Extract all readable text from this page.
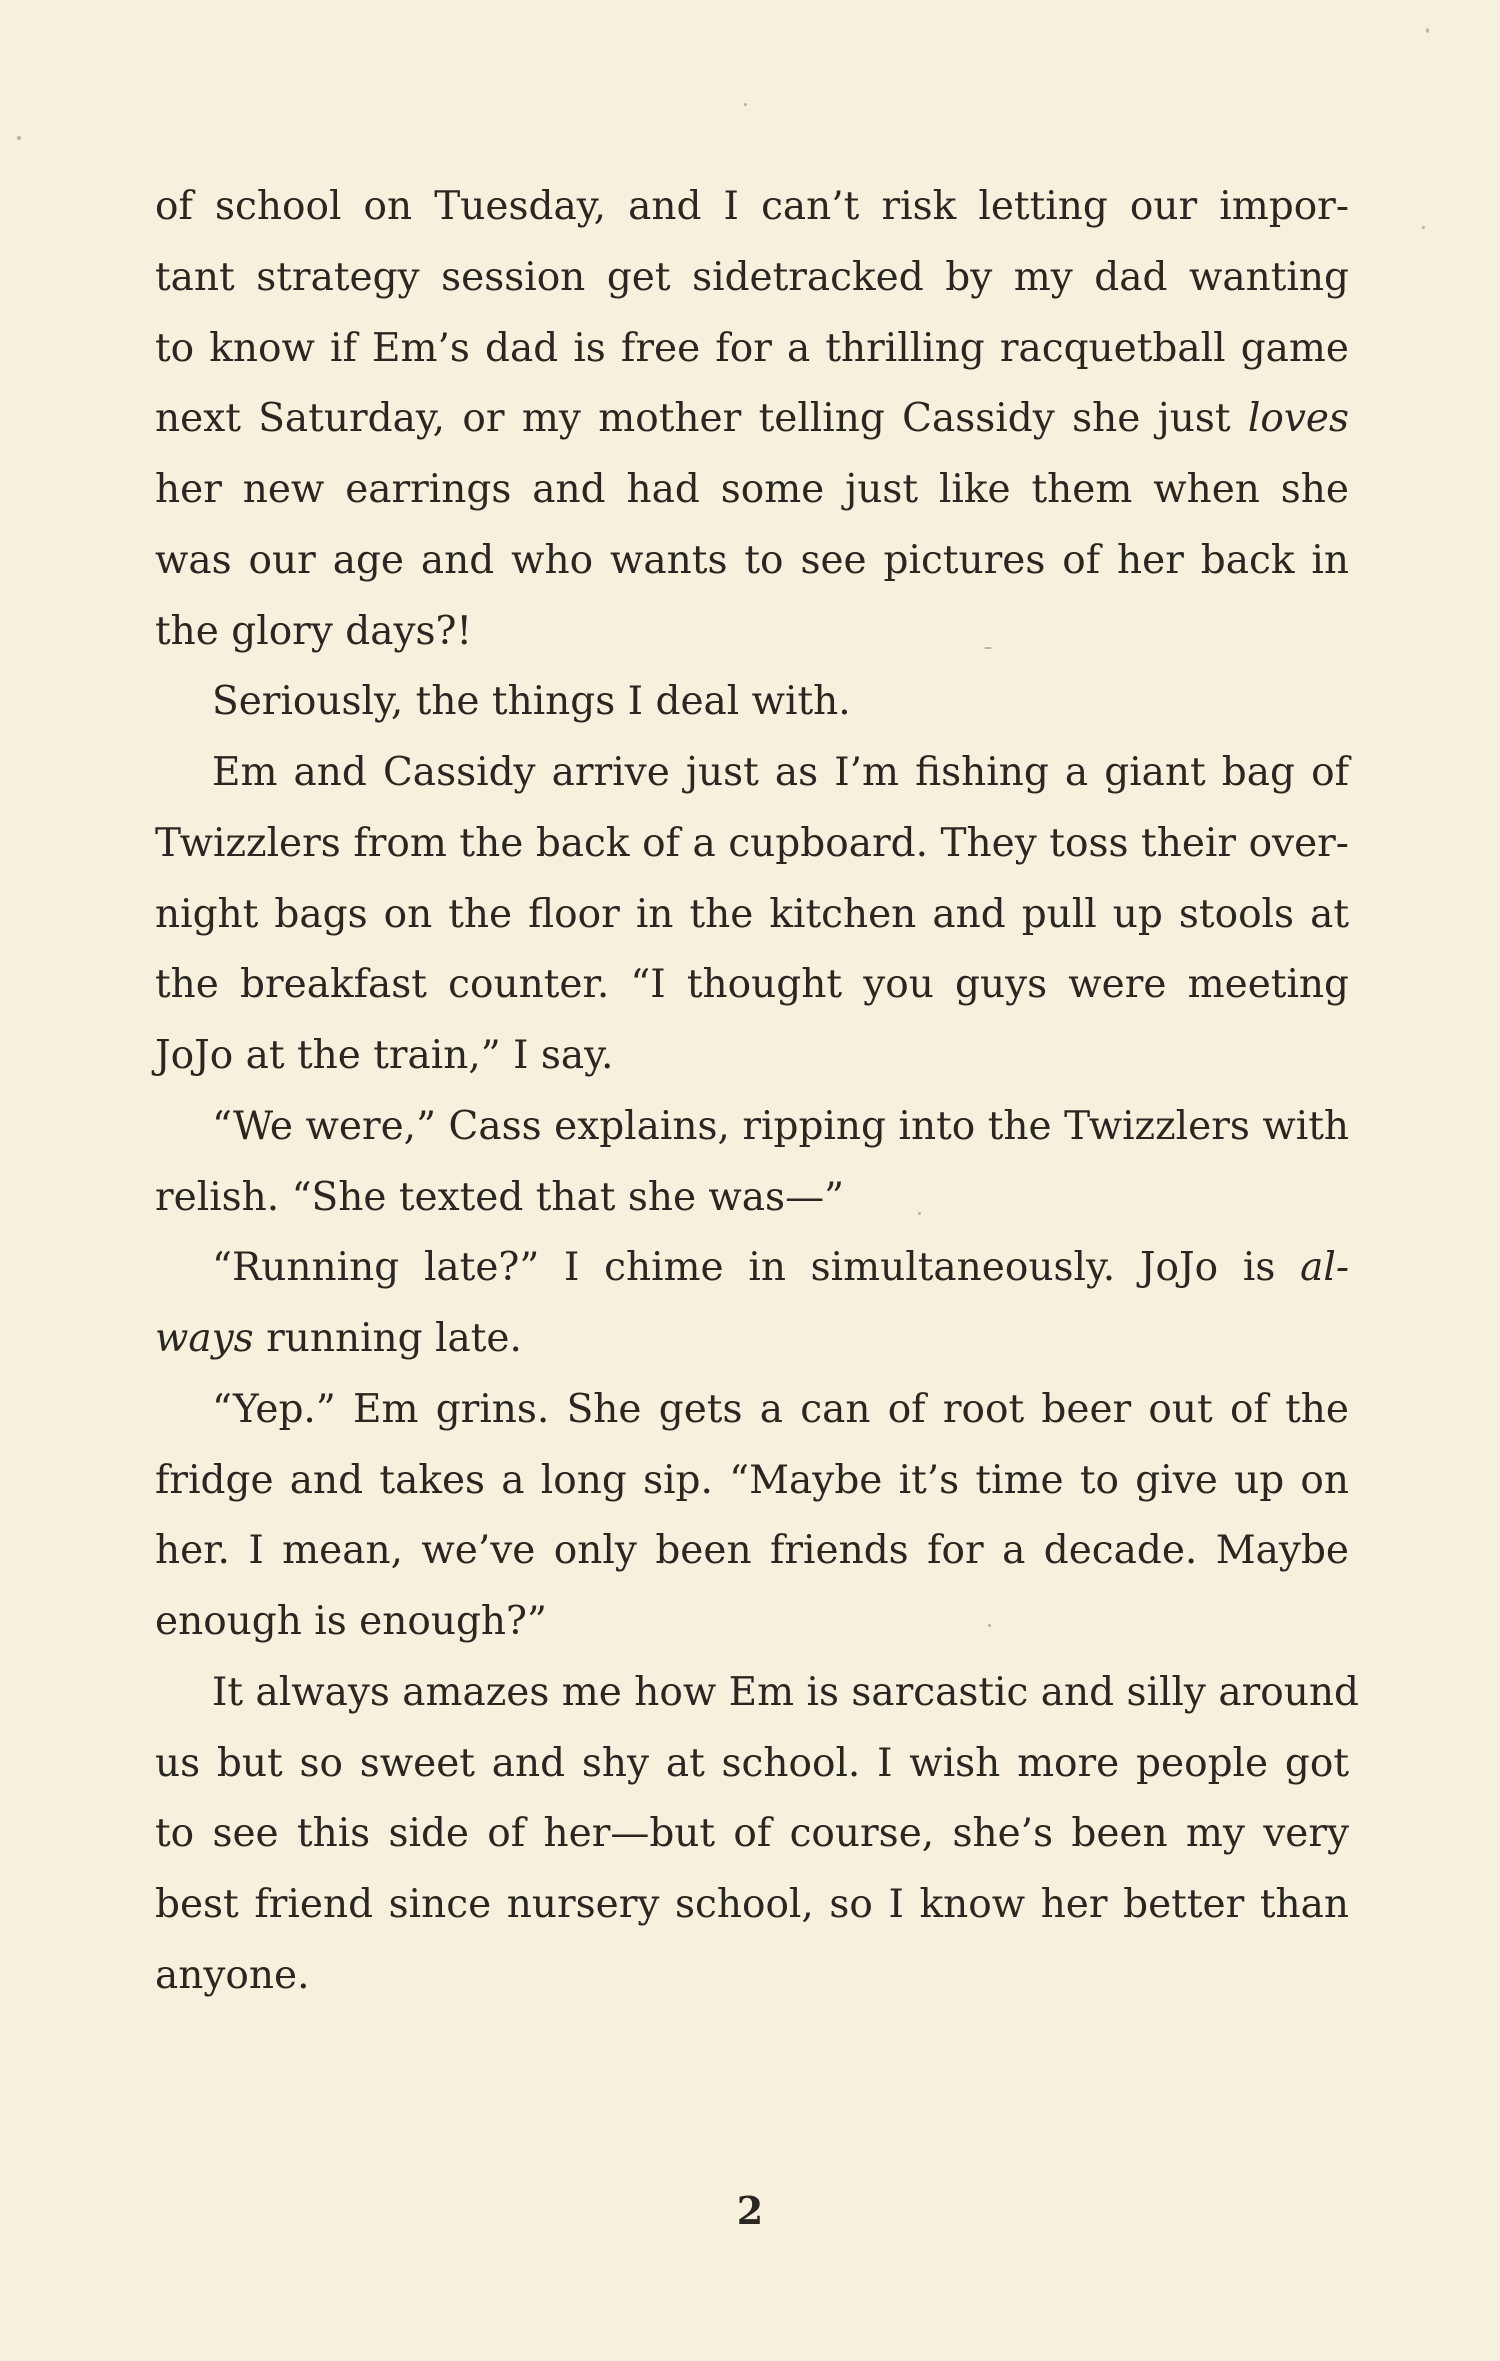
of school on Tuesday, and I can’t risk letting our impor-
tant strategy session get sidetracked by my dad wanting
to know if Em’s dad is free for a thrilling racquetball game
next Saturday, or my mother telling Cassidy she just loves
her new earrings and had some just like them when she
was our age and who wants to see pictures of her back in
the glory days?!
Seriously, the things I deal with.
Em and Cassidy arrive just as I’m fishing a giant bag of
Twizzlers from the back of a cupboard. They toss their over-
night bags on the floor in the kitchen and pull up stools at
the breakfast counter. “I thought you guys were meeting
JoJo at the train,” I say.
“We were,” Cass explains, ripping into the Twizzlers with
relish. “She texted that she was—”
“Running late?” I chime in simultaneously. JoJo is al-
ways running late.
“Yep.” Em grins. She gets a can of root beer out of the
fridge and takes a long sip. “Maybe it’s time to give up on
her. I mean, we’ve only been friends for a decade. Maybe
enough is enough?”
It always amazes me how Em is sarcastic and silly around
us but so sweet and shy at school. I wish more people got
to see this side of her—but of course, she’s been my very
best friend since nursery school, so I know her better than
anyone.
2
